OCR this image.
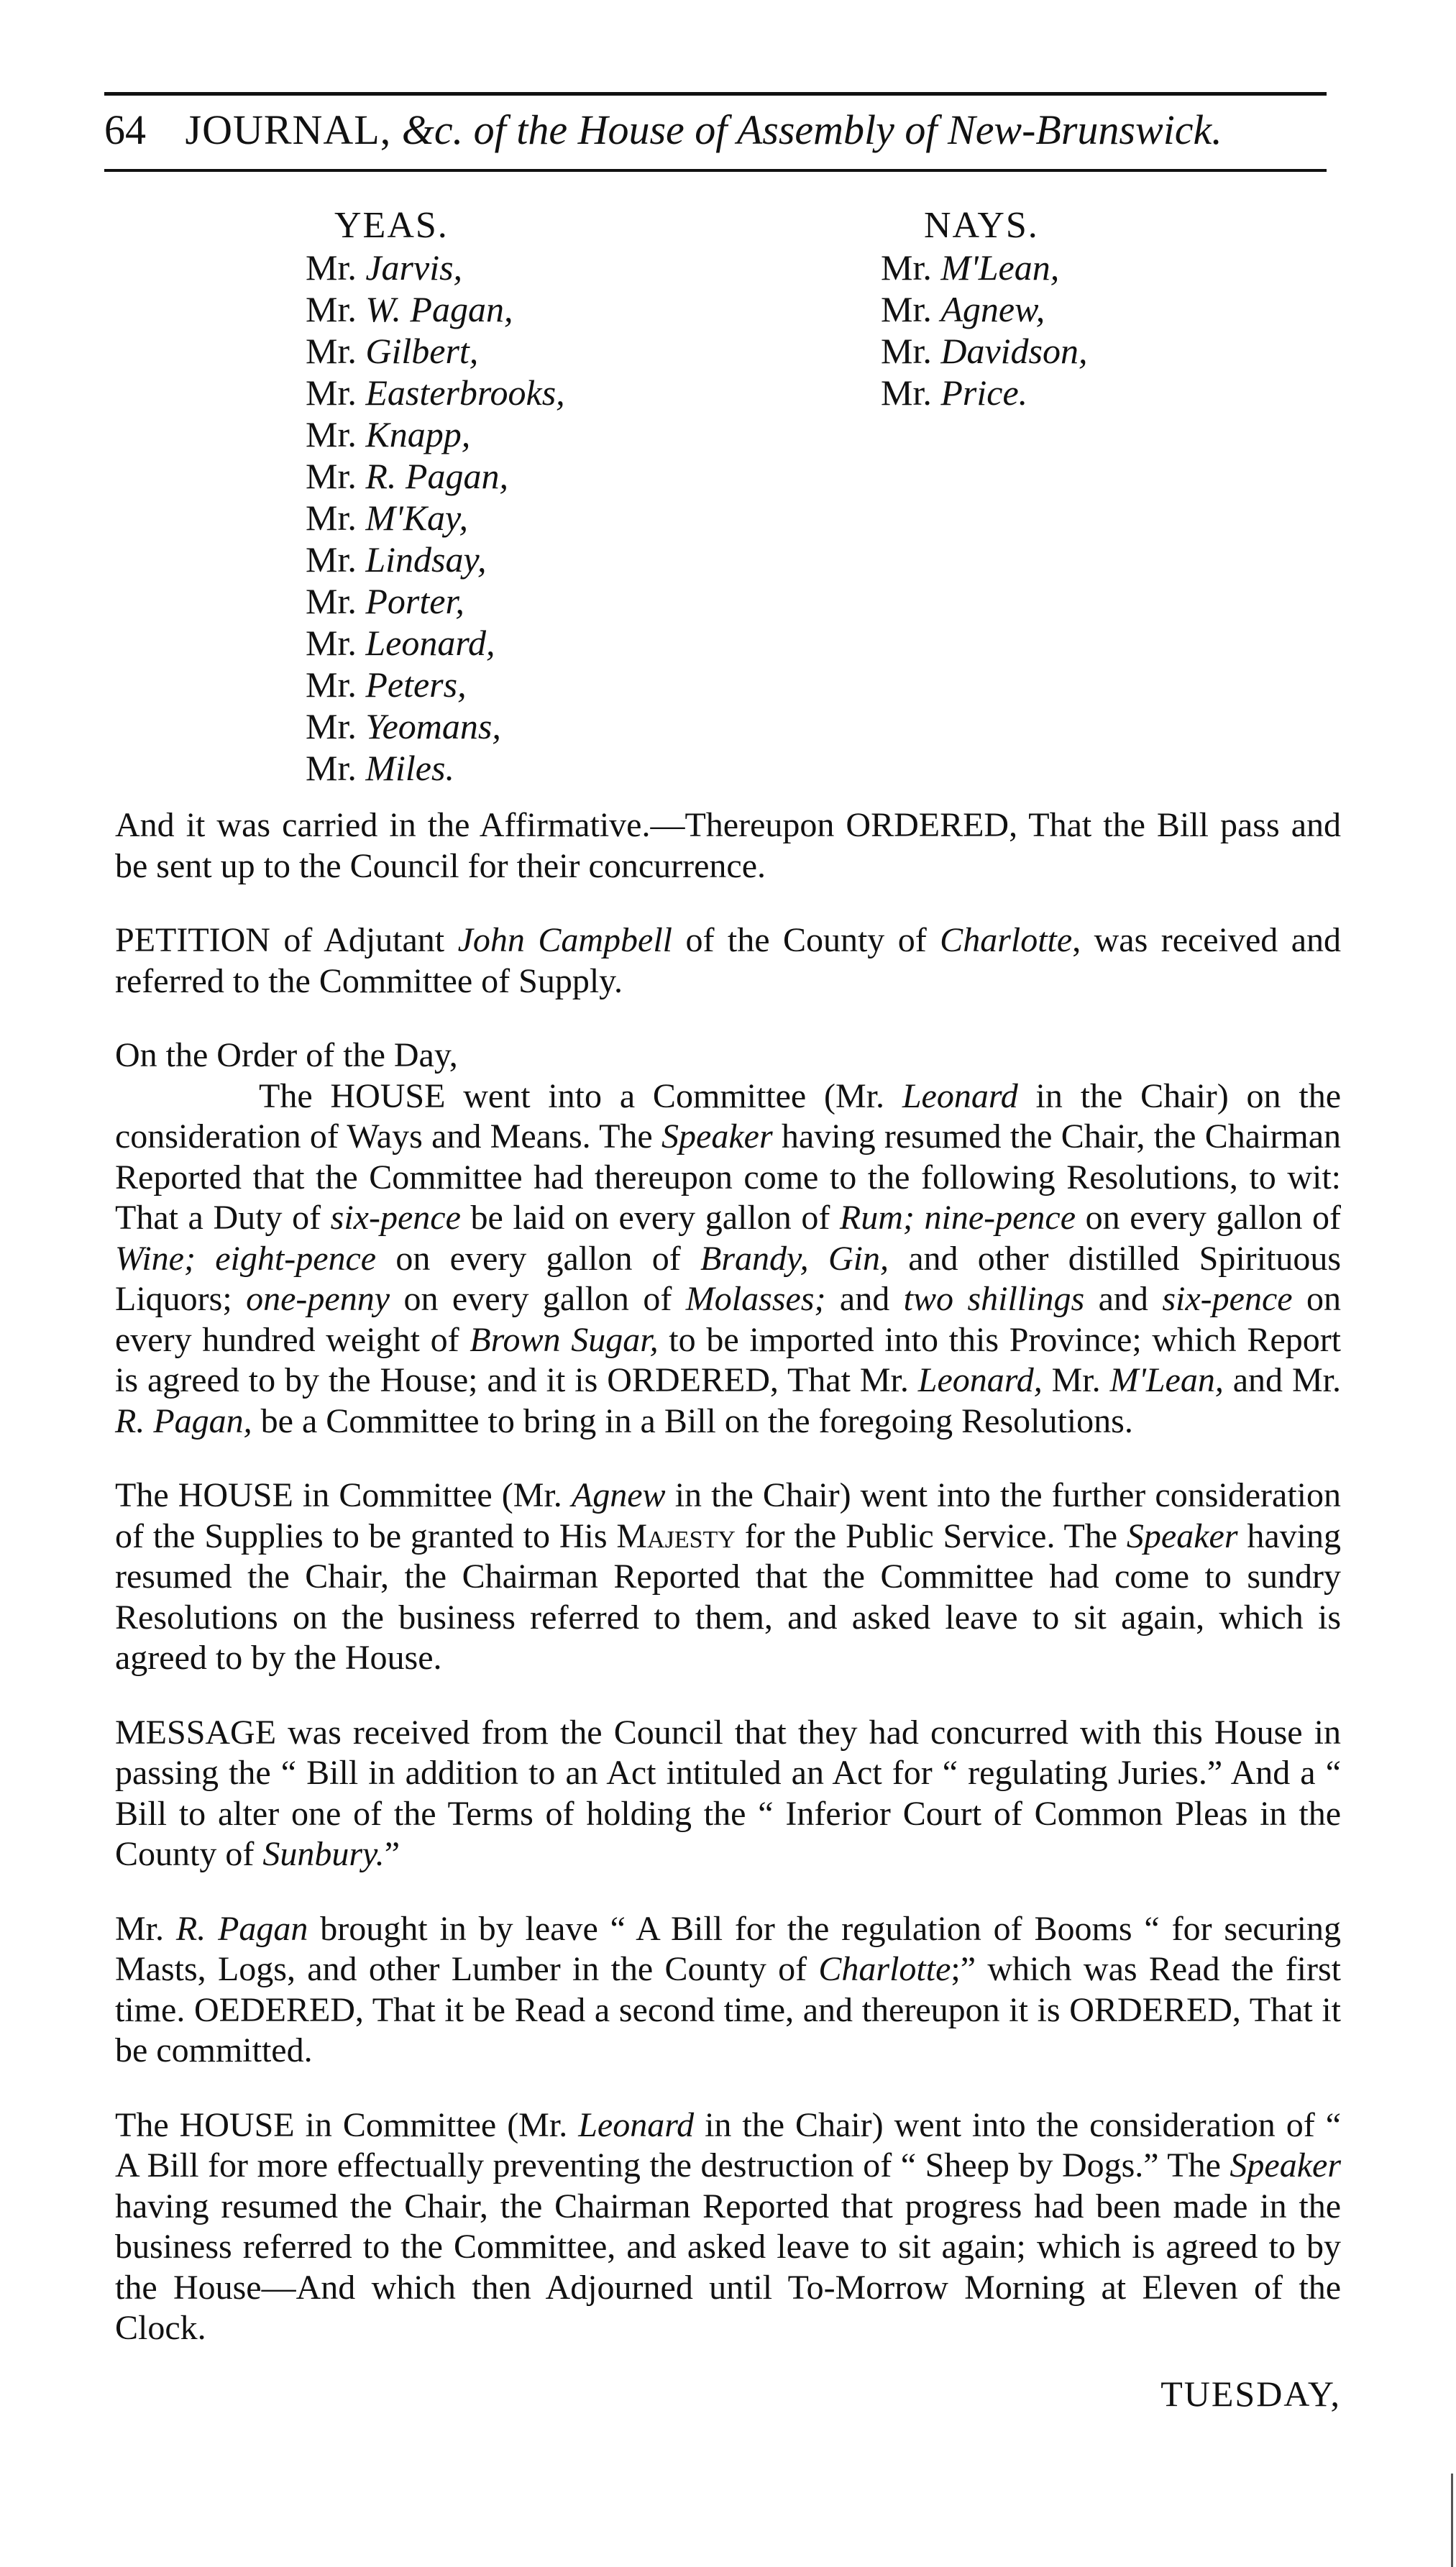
64 JOURNAL, &c. of the House of Assembly of New-Brunswick.
YEAS.
Mr. Jarvis,
Mr. W. Pagan,
Mr. Gilbert,
Mr. Easterbrooks,
Mr. Knapp,
Mr. R. Pagan,
Mr. M'Kay,
Mr. Lindsay,
Mr. Porter,
Mr. Leonard,
Mr. Peters,
Mr. Yeomans,
Mr. Miles.
NAYS.
Mr. M'Lean,
Mr. Agnew,
Mr. Davidson,
Mr. Price.

And it was carried in the Affirmative.—Thereupon ORDERED, That the Bill pass and be sent up to the Council for their concurrence.

PETITION of Adjutant John Campbell of the County of Charlotte, was received and referred to the Committee of Supply.

On the Order of the Day,

The HOUSE went into a Committee (Mr. Leonard in the Chair) on the consideration of Ways and Means. The Speaker having resumed the Chair, the Chairman Reported that the Committee had thereupon come to the following Resolutions, to wit: That a Duty of six-pence be laid on every gallon of Rum; nine-pence on every gallon of Wine; eight-pence on every gallon of Brandy, Gin, and other distilled Spirituous Liquors; one-penny on every gallon of Molasses; and two shillings and six-pence on every hundred weight of Brown Sugar, to be imported into this Province; which Report is agreed to by the House; and it is ORDERED, That Mr. Leonard, Mr. M'Lean, and Mr. R. Pagan, be a Committee to bring in a Bill on the foregoing Resolutions.

The HOUSE in Committee (Mr. Agnew in the Chair) went into the further consideration of the Supplies to be granted to His Majesty for the Public Service. The Speaker having resumed the Chair, the Chairman Reported that the Committee had come to sundry Resolutions on the business referred to them, and asked leave to sit again, which is agreed to by the House.

MESSAGE was received from the Council that they had concurred with this House in passing the “ Bill in addition to an Act intituled an Act for “ regulating Juries.” And a “ Bill to alter one of the Terms of holding the “ Inferior Court of Common Pleas in the County of Sunbury.”

Mr. R. Pagan brought in by leave “ A Bill for the regulation of Booms “ for securing Masts, Logs, and other Lumber in the County of Charlotte;” which was Read the first time. OEDERED, That it be Read a second time, and thereupon it is ORDERED, That it be committed.

The HOUSE in Committee (Mr. Leonard in the Chair) went into the consideration of “ A Bill for more effectually preventing the destruction of “ Sheep by Dogs.” The Speaker having resumed the Chair, the Chairman Reported that progress had been made in the business referred to the Committee, and asked leave to sit again; which is agreed to by the House—And which then Adjourned until To-Morrow Morning at Eleven of the Clock.

TUESDAY,
